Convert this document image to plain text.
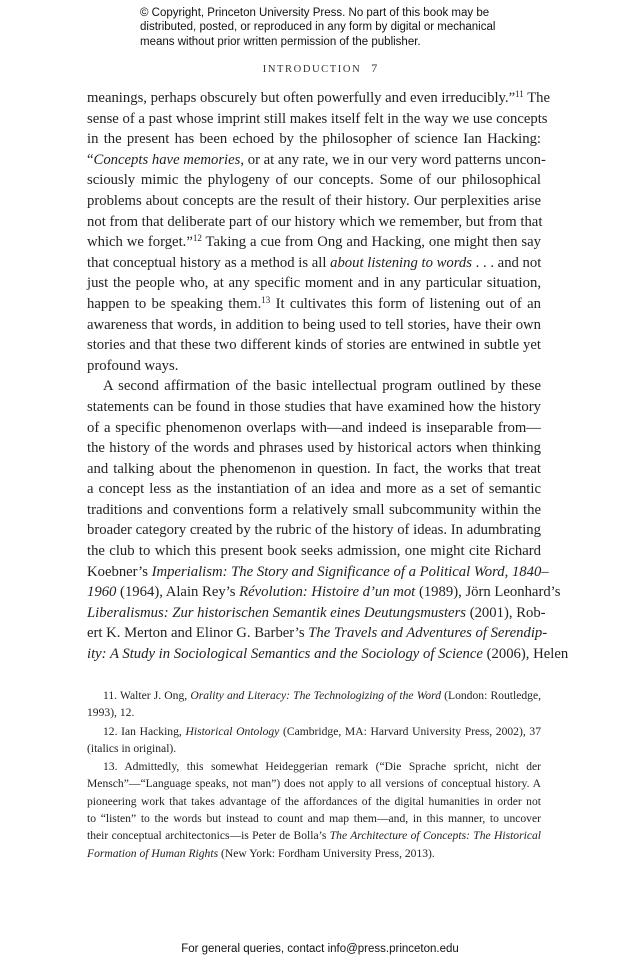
© Copyright, Princeton University Press. No part of this book may be
distributed, posted, or reproduced in any form by digital or mechanical
means without prior written permission of the publisher.
INTRODUCTION 7
meanings, perhaps obscurely but often powerfully and even irreducibly.”$^{11}$ The
sense of a past whose imprint still makes itself felt in the way we use concepts
in the present has been echoed by the philosopher of science Ian Hacking:
“Concepts have memories, or at any rate, we in our very word patterns uncon-
sciously mimic the phylogeny of our concepts. Some of our philosophical
problems about concepts are the result of their history. Our perplexities arise
not from that deliberate part of our history which we remember, but from that
which we forget.”$^{12}$ Taking a cue from Ong and Hacking, one might then say
that conceptual history as a method is all about listening to words . . . and not
just the people who, at any specific moment and in any particular situation,
happen to be speaking them.$^{13}$ It cultivates this form of listening out of an
awareness that words, in addition to being used to tell stories, have their own
stories and that these two different kinds of stories are entwined in subtle yet
profound ways.
A second affirmation of the basic intellectual program outlined by these
statements can be found in those studies that have examined how the history
of a specific phenomenon overlaps with—and indeed is inseparable from—
the history of the words and phrases used by historical actors when thinking
and talking about the phenomenon in question. In fact, the works that treat
a concept less as the instantiation of an idea and more as a set of semantic
traditions and conventions form a relatively small subcommunity within the
broader category created by the rubric of the history of ideas. In adumbrating
the club to which this present book seeks admission, one might cite Richard
Koebner’s Imperialism: The Story and Significance of a Political Word, 1840–
1960 (1964), Alain Rey’s Révolution: Histoire d’un mot (1989), Jörn Leonhard’s
Liberalismus: Zur historischen Semantik eines Deutungsmusters (2001), Rob-
ert K. Merton and Elinor G. Barber’s The Travels and Adventures of Serendip-
ity: A Study in Sociological Semantics and the Sociology of Science (2006), Helen
11. Walter J. Ong, Orality and Literacy: The Technologizing of the Word (London: Routledge,
1993), 12.
12. Ian Hacking, Historical Ontology (Cambridge, MA: Harvard University Press, 2002), 37
(italics in original).
13. Admittedly, this somewhat Heideggerian remark (“Die Sprache spricht, nicht der
Mensch”—“Language speaks, not man”) does not apply to all versions of conceptual history. A
pioneering work that takes advantage of the affordances of the digital humanities in order not
to “listen” to the words but instead to count and map them—and, in this manner, to uncover
their conceptual architectonics—is Peter de Bolla’s The Architecture of Concepts: The Historical
Formation of Human Rights (New York: Fordham University Press, 2013).
For general queries, contact info@press.princeton.edu
